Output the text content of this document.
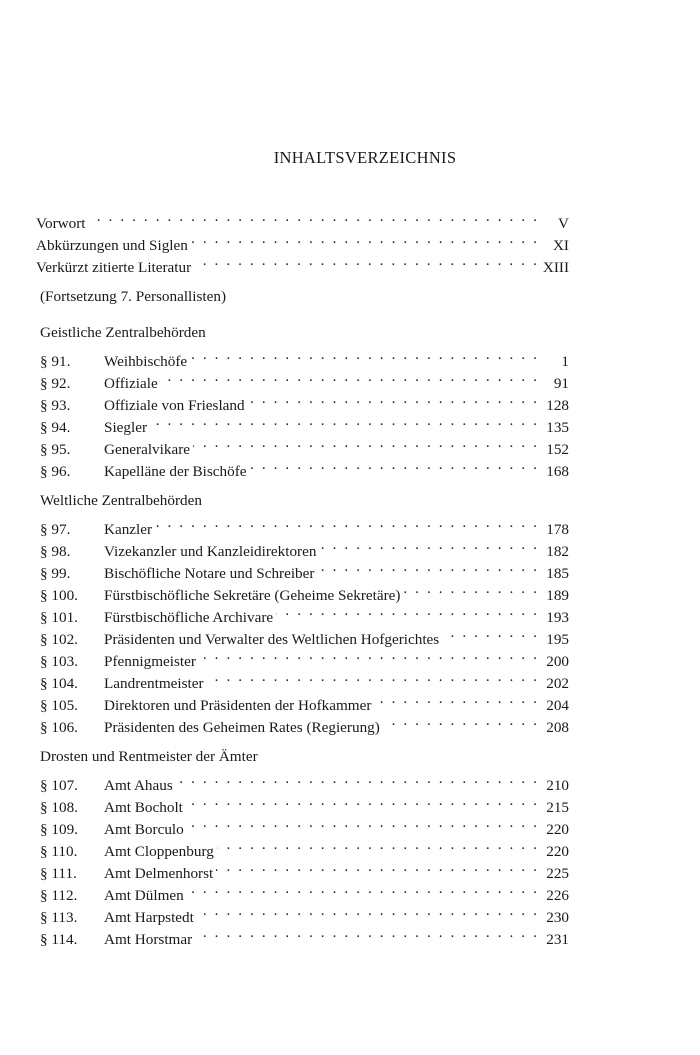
INHALTSVERZEICHNIS
Vorwort . . .	V
Abkürzungen und Siglen . . .	XI
Verkürzt zitierte Literatur . . .	XIII
(Fortsetzung 7. Personallisten)
Geistliche Zentralbehörden
§ 91.	Weihbischöfe . . .	1
§ 92.	Offiziale . . .	91
§ 93.	Offiziale von Friesland . . .	128
§ 94.	Siegler . . .	135
§ 95.	Generalvikare . . .	152
§ 96.	Kapelläne der Bischöfe . . .	168
Weltliche Zentralbehörden
§ 97.	Kanzler . . .	178
§ 98.	Vizekanzler und Kanzleidirektoren . . .	182
§ 99.	Bischöfliche Notare und Schreiber . . .	185
§ 100.	Fürstbischöfliche Sekretäre (Geheime Sekretäre) . . .	189
§ 101.	Fürstbischöfliche Archivare . . .	193
§ 102.	Präsidenten und Verwalter des Weltlichen Hofgerichtes . . .	195
§ 103.	Pfennigmeister . . .	200
§ 104.	Landrentmeister . . .	202
§ 105.	Direktoren und Präsidenten der Hofkammer . . .	204
§ 106.	Präsidenten des Geheimen Rates (Regierung) . . .	208
Drosten und Rentmeister der Ämter
§ 107.	Amt Ahaus . . .	210
§ 108.	Amt Bocholt . . .	215
§ 109.	Amt Borculo . . .	220
§ 110.	Amt Cloppenburg . . .	220
§ 111.	Amt Delmenhorst . . .	225
§ 112.	Amt Dülmen . . .	226
§ 113.	Amt Harpstedt . . .	230
§ 114.	Amt Horstmar . . .	231
